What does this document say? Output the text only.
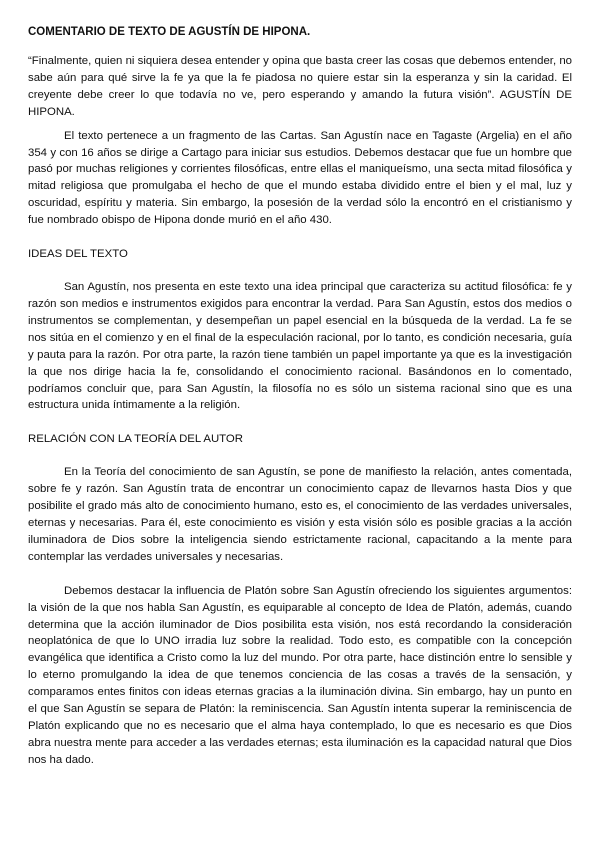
COMENTARIO DE TEXTO DE AGUSTÍN DE HIPONA.

“Finalmente, quien ni siquiera desea entender y opina que basta creer las cosas que debemos entender, no sabe aún para qué sirve la fe ya que la fe piadosa no quiere estar sin la esperanza y sin la caridad. El creyente debe creer lo que todavía no ve, pero esperando y amando la futura visión”. AGUSTÍN DE HIPONA.

El texto pertenece a un fragmento de las Cartas. San Agustín nace en Tagaste (Argelia) en el año 354 y con 16 años se dirige a Cartago para iniciar sus estudios. Debemos destacar que fue un hombre que pasó por muchas religiones y corrientes filosóficas, entre ellas el maniqueísmo, una secta mitad filosófica y mitad religiosa que promulgaba el hecho de que el mundo estaba dividido entre el bien y el mal, luz y oscuridad, espíritu y materia. Sin embargo, la posesión de la verdad sólo la encontró en el cristianismo y fue nombrado obispo de Hipona donde murió en el año 430.

IDEAS DEL TEXTO

San Agustín, nos presenta en este texto una idea principal que caracteriza su actitud filosófica: fe y razón son medios e instrumentos exigidos para encontrar la verdad. Para San Agustín, estos dos medios o instrumentos se complementan, y desempeñan un papel esencial en la búsqueda de la verdad. La fe se nos sitúa en el comienzo y en el final de la especulación racional, por lo tanto, es condición necesaria, guía y pauta para la razón. Por otra parte, la razón tiene también un papel importante ya que es la investigación la que nos dirige hacia la fe, consolidando el conocimiento racional. Basándonos en lo comentado, podríamos concluir que, para San Agustín, la filosofía no es sólo un sistema racional sino que es una estructura unida íntimamente a la religión.

RELACIÓN CON LA TEORÍA DEL AUTOR

En la Teoría del conocimiento de san Agustín, se pone de manifiesto la relación, antes comentada, sobre fe y razón. San Agustín trata de encontrar un conocimiento capaz de llevarnos hasta Dios y que posibilite el grado más alto de conocimiento humano, esto es, el conocimiento de las verdades universales, eternas y necesarias. Para él, este conocimiento es visión y esta visión sólo es posible gracias a la acción iluminadora de Dios sobre la inteligencia siendo estrictamente racional, capacitando a la mente para contemplar las verdades universales y necesarias.

Debemos destacar la influencia de Platón sobre San Agustín ofreciendo los siguientes argumentos: la visión de la que nos habla San Agustín, es equiparable al concepto de Idea de Platón, además, cuando determina que la acción iluminador de Dios posibilita esta visión, nos está recordando la consideración neoplatónica de que lo UNO irradia luz sobre la realidad. Todo esto, es compatible con la concepción evangélica que identifica a Cristo como la luz del mundo. Por otra parte, hace distinción entre lo sensible y lo eterno promulgando la idea de que tenemos conciencia de las cosas a través de la sensación, y comparamos entes finitos con ideas eternas gracias a la iluminación divina. Sin embargo, hay un punto en el que San Agustín se separa de Platón: la reminiscencia. San Agustín intenta superar la reminiscencia de Platón explicando que no es necesario que el alma haya contemplado, lo que es necesario es que Dios abra nuestra mente para acceder a las verdades eternas; esta iluminación es la capacidad natural que Dios nos ha dado.
